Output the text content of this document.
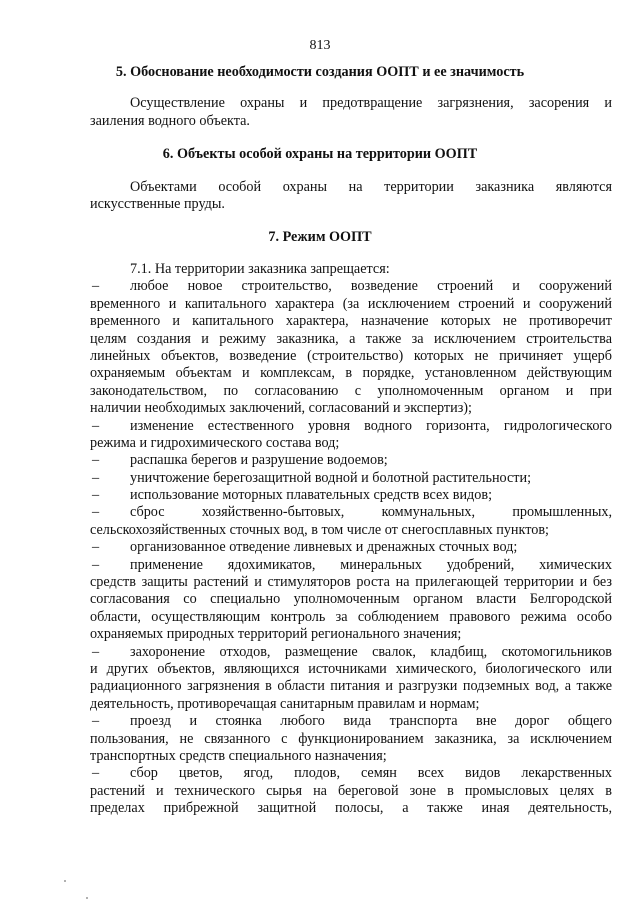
813
5. Обоснование необходимости создания ООПТ и ее значимость
Осуществление охраны и предотвращение загрязнения, засорения и
заиления водного объекта.
6. Объекты особой охраны на территории ООПТ
Объектами особой охраны на территории заказника являются
искусственные пруды.
7. Режим ООПТ
7.1. На территории заказника запрещается:
– любое новое строительство, возведение строений и сооружений
временного и капитального характера (за исключением строений и сооружений
временного и капитального характера, назначение которых не противоречит
целям создания и режиму заказника, а также за исключением строительства
линейных объектов, возведение (строительство) которых не причиняет ущерб
охраняемым объектам и комплексам, в порядке, установленном действующим
законодательством, по согласованию с уполномоченным органом и при
наличии необходимых заключений, согласований и экспертиз);
– изменение естественного уровня водного горизонта, гидрологического
режима и гидрохимического состава вод;
– распашка берегов и разрушение водоемов;
– уничтожение берегозащитной водной и болотной растительности;
– использование моторных плавательных средств всех видов;
– сброс хозяйственно-бытовых, коммунальных, промышленных,
сельскохозяйственных сточных вод, в том числе от снегосплавных пунктов;
– организованное отведение ливневых и дренажных сточных вод;
– применение ядохимикатов, минеральных удобрений, химических
средств защиты растений и стимуляторов роста на прилегающей территории и без
согласования со специально уполномоченным органом власти Белгородской
области, осуществляющим контроль за соблюдением правового режима особо
охраняемых природных территорий регионального значения;
– захоронение отходов, размещение свалок, кладбищ, скотомогильников
и других объектов, являющихся источниками химического, биологического или
радиационного загрязнения в области питания и разгрузки подземных вод, а также
деятельность, противоречащая санитарным правилам и нормам;
– проезд и стоянка любого вида транспорта вне дорог общего
пользования, не связанного с функционированием заказника, за исключением
транспортных средств специального назначения;
– сбор цветов, ягод, плодов, семян всех видов лекарственных
растений и технического сырья на береговой зоне в промысловых целях в
пределах прибрежной защитной полосы, а также иная деятельность,
